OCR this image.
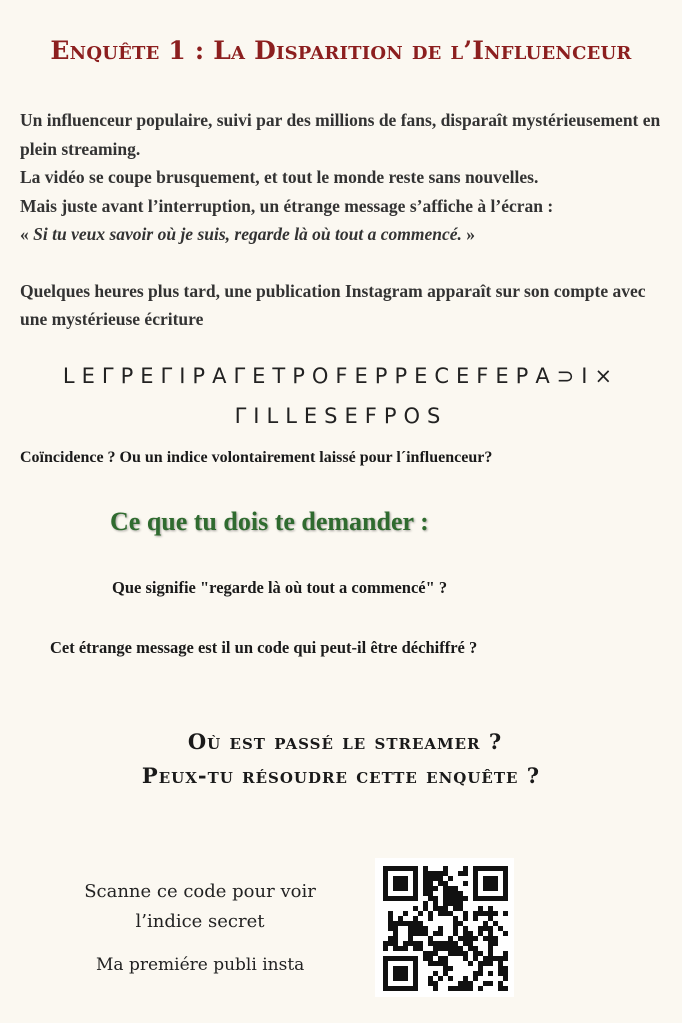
Enquête 1 : La Disparition de l’Influenceur

Un influenceur populaire, suivi par des millions de fans, disparaît mystérieusement en plein streaming.

La vidéo se coupe brusquement, et tout le monde reste sans nouvelles.

Mais juste avant l’interruption, un étrange message s’affiche à l’écran :

« Si tu veux savoir où je suis, regarde là où tout a commencé. »

Quelques heures plus tard, une publication Instagram apparaît sur son compte avec une mystérieuse écriture

LEΓΡΕΓΙΡΑΓΕΤΡΟFΕΡΡΕCΕFΕΡΑ⊃I×
ΓILLESEFΡΟS
Coïncidence ? Ou un indice volontairement laissé pour l´influenceur?
Ce que tu dois te demander :
Que signifie "regarde là où tout a commencé" ?
Cet étrange message est il un code qui peut-il être déchiffré ?
Où est passé le streamer ?
Peux-tu résoudre cette enquête ?
Scanne ce code pour voir
l’indice secret
Ma premiére publi insta
